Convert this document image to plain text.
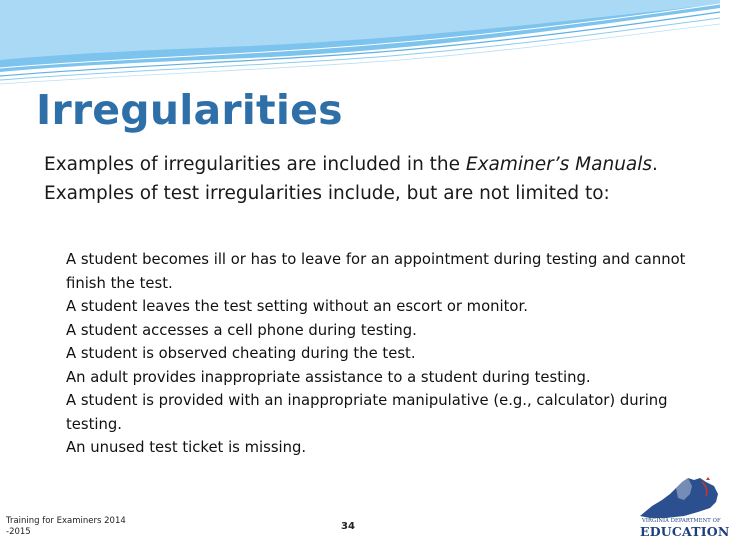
Irregularities

Examples of irregularities are included in the Examiner’s Manuals. Examples of test irregularities include, but are not limited to:

A student becomes ill or has to leave for an appointment during testing and cannot finish the test.
A student leaves the test setting without an escort or monitor.
A student accesses a cell phone during testing.
A student is observed cheating during the test.
An adult provides inappropriate assistance to a student during testing.
A student is provided with an inappropriate manipulative (e.g., calculator) during testing.
An unused test ticket is missing.
Training for Examiners 2014
-2015	34	VIRGINIA DEPARTMENT OF
EDUCATION
